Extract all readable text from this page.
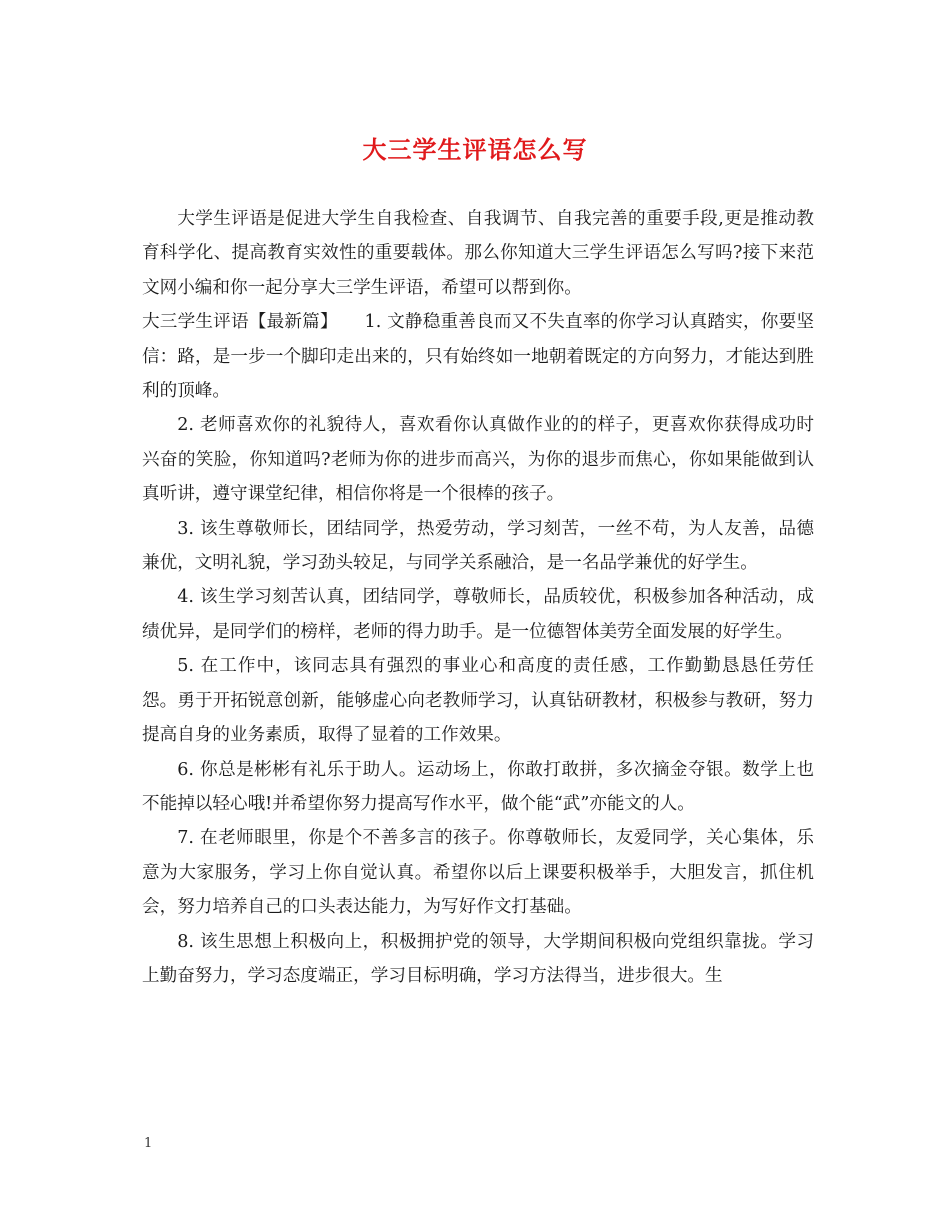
大三学生评语怎么写

大学生评语是促进大学生自我检查、自我调节、自我完善的重要手段,更是推动教育科学化、提高教育实效性的重要载体。那么你知道大三学生评语怎么写吗?接下来范文网小编和你一起分享大三学生评语，希望可以帮到你。

大三学生评语【最新篇】　　1. 文静稳重善良而又不失直率的你学习认真踏实，你要坚信：路，是一步一个脚印走出来的，只有始终如一地朝着既定的方向努力，才能达到胜利的顶峰。

2. 老师喜欢你的礼貌待人，喜欢看你认真做作业的的样子，更喜欢你获得成功时兴奋的笑脸，你知道吗?老师为你的进步而高兴，为你的退步而焦心，你如果能做到认真听讲，遵守课堂纪律，相信你将是一个很棒的孩子。

3. 该生尊敬师长，团结同学，热爱劳动，学习刻苦，一丝不苟，为人友善，品德兼优，文明礼貌，学习劲头较足，与同学关系融洽，是一名品学兼优的好学生。

4. 该生学习刻苦认真，团结同学，尊敬师长，品质较优，积极参加各种活动，成绩优异，是同学们的榜样，老师的得力助手。是一位德智体美劳全面发展的好学生。

5. 在工作中，该同志具有强烈的事业心和高度的责任感，工作勤勤恳恳任劳任怨。勇于开拓锐意创新，能够虚心向老教师学习，认真钻研教材，积极参与教研，努力提高自身的业务素质，取得了显着的工作效果。

6. 你总是彬彬有礼乐于助人。运动场上，你敢打敢拼，多次摘金夺银。数学上也不能掉以轻心哦!并希望你努力提高写作水平，做个能“武”亦能文的人。

7. 在老师眼里，你是个不善多言的孩子。你尊敬师长，友爱同学，关心集体，乐意为大家服务，学习上你自觉认真。希望你以后上课要积极举手，大胆发言，抓住机会，努力培养自己的口头表达能力，为写好作文打基础。

8. 该生思想上积极向上，积极拥护党的领导，大学期间积极向党组织靠拢。学习上勤奋努力，学习态度端正，学习目标明确，学习方法得当，进步很大。生

1
